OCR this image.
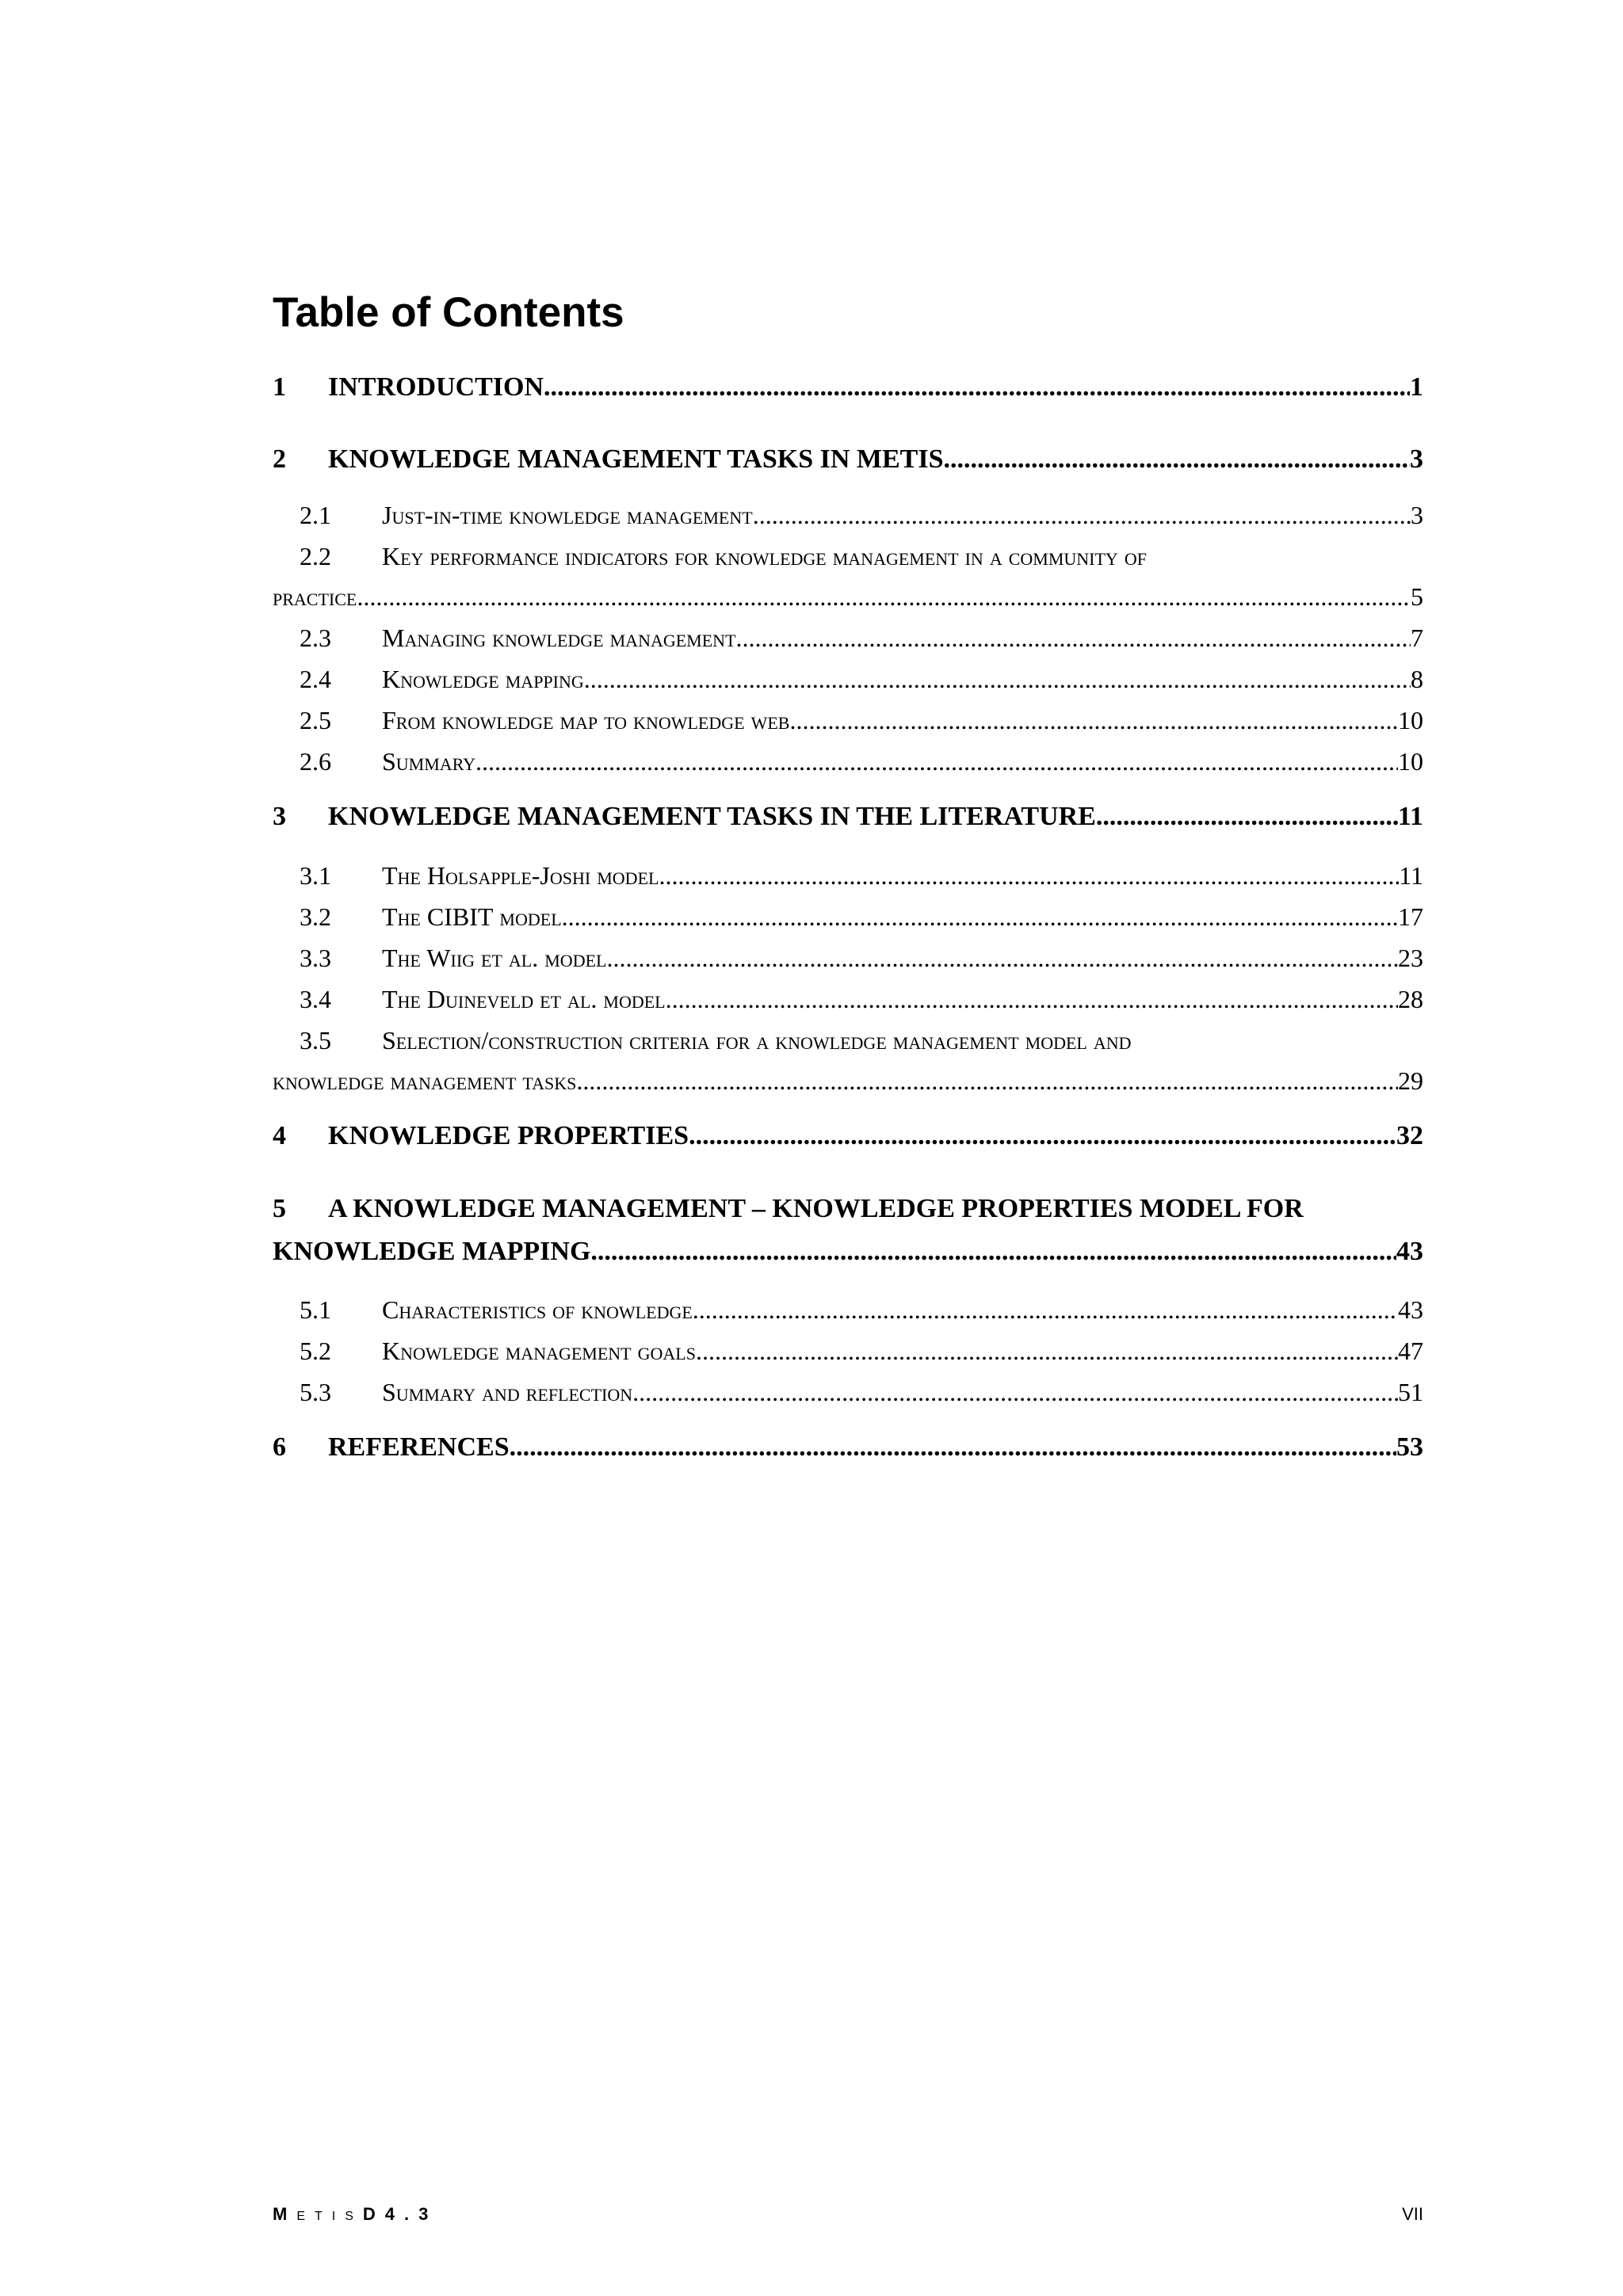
Table of Contents
1	INTRODUCTION .....	1
2	KNOWLEDGE MANAGEMENT TASKS IN METIS .....	3
2.1	Just-in-time knowledge management .....	3
2.2	Key performance indicators for knowledge management in a community of
practice .....	5
2.3	Managing knowledge management .....	7
2.4	Knowledge mapping .....	8
2.5	From knowledge map to knowledge web .....	10
2.6	Summary .....	10
3	KNOWLEDGE MANAGEMENT TASKS IN THE LITERATURE .....	11
3.1	The Holsapple-Joshi model .....	11
3.2	The CIBIT model .....	17
3.3	The Wiig et al. model .....	23
3.4	The Duineveld et al. model .....	28
3.5	Selection/construction criteria for a knowledge management model and
knowledge management tasks .....	29
4	KNOWLEDGE PROPERTIES .....	32
5	A KNOWLEDGE MANAGEMENT – KNOWLEDGE PROPERTIES MODEL FOR
KNOWLEDGE MAPPING .....	43
5.1	Characteristics of knowledge .....	43
5.2	Knowledge management goals .....	47
5.3	Summary and reflection .....	51
6	REFERENCES .....	53
METISD4.3	VII
